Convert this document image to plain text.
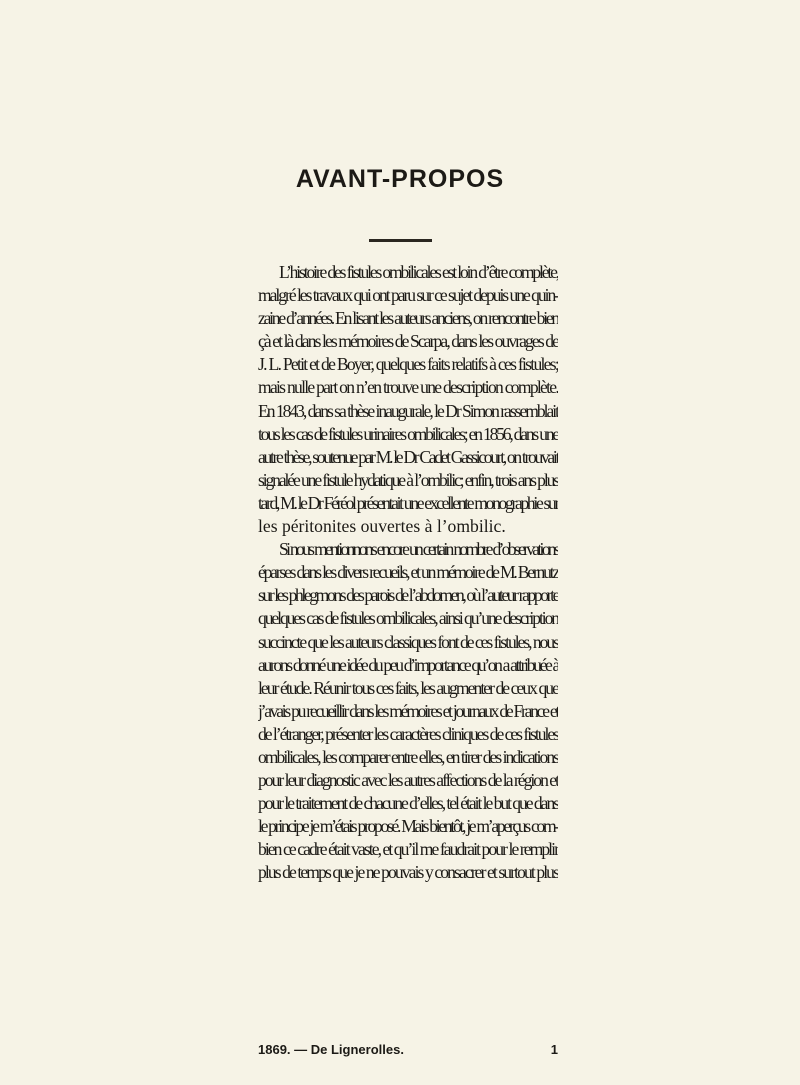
AVANT-PROPOS

L’histoire des fistules ombilicales est loin d’être complète,
malgré les travaux qui ont paru sur ce sujet depuis une quin-
zaine d’années. En lisant les auteurs anciens, on rencontre bien
çà et là dans les mémoires de Scarpa, dans les ouvrages de
J. L. Petit et de Boyer, quelques faits relatifs à ces fistules;
mais nulle part on n’en trouve une description complète.
En 1843, dans sa thèse inaugurale, le Dr Simon rassemblait
tous les cas de fistules urinaires ombilicales; en 1856, dans une
autre thèse, soutenue par M. le Dr Cadet Gassicourt, on trouvait
signalée une fistule hydatique à l’ombilic; enfin, trois ans plus
tard, M. le Dr Féréol présentait une excellente monographie sur
les péritonites ouvertes à l’ombilic.

Si nous mentionnons encore un certain nombre d’observations
éparses dans les divers recueils, et un mémoire de M. Bernutz
sur les phlegmons des parois de l’abdomen, où l’auteur rapporte
quelques cas de fistules ombilicales, ainsi qu’une description
succincte que les auteurs classiques font de ces fistules, nous
aurons donné une idée du peu d’importance qu’on a attribuée à
leur étude. Réunir tous ces faits, les augmenter de ceux que
j’avais pu recueillir dans les mémoires et journaux de France et
de l’étranger, présenter les caractères cliniques de ces fistules
ombilicales, les comparer entre elles, en tirer des indications
pour leur diagnostic avec les autres affections de la région et
pour le traitement de chacune d’elles, tel était le but que dans
le principe je m’étais proposé. Mais bientôt, je m’aperçus com-
bien ce cadre était vaste, et qu’il me faudrait pour le remplir
plus de temps que je ne pouvais y consacrer et surtout plus

1869. — De Lignerolles.	1
